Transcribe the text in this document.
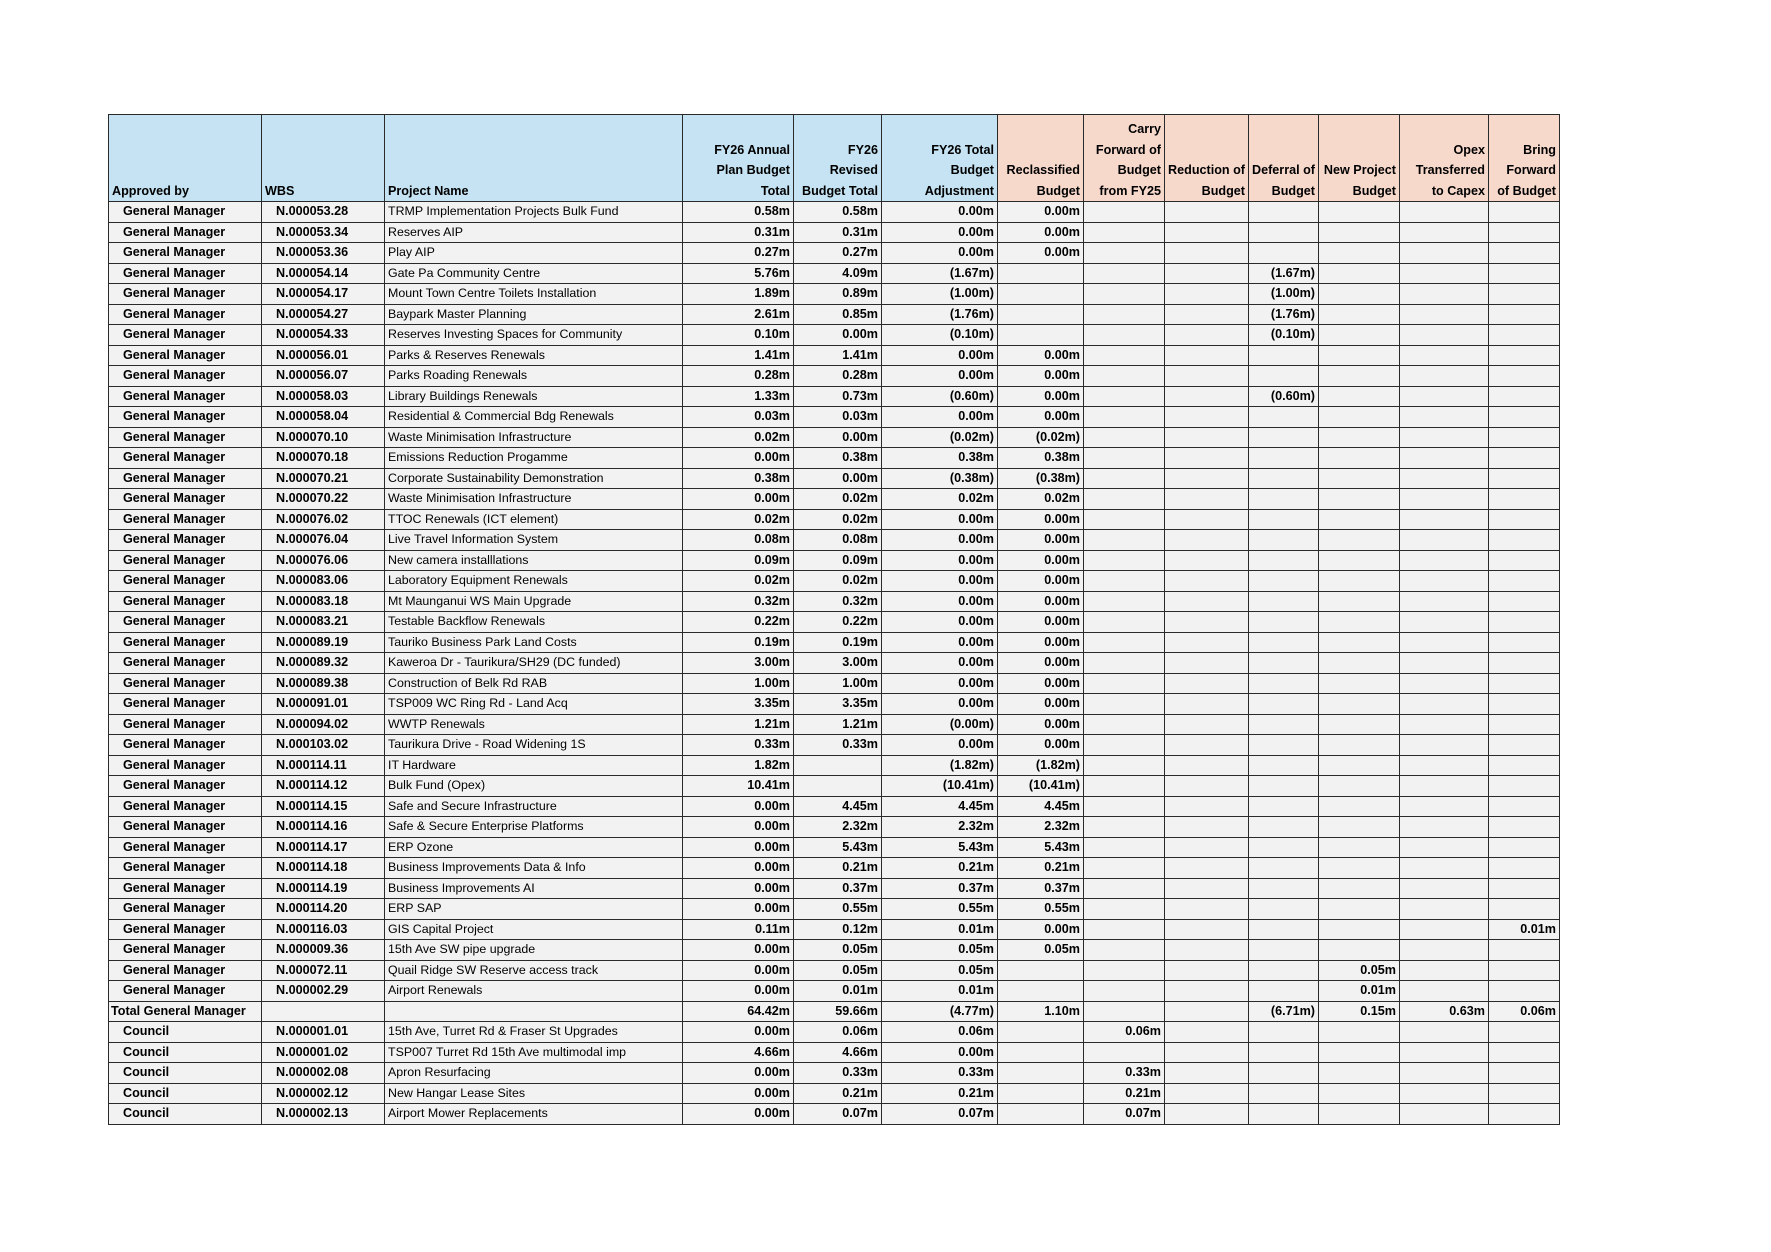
Approved by	WBS	Project Name	FY26 Annual Plan Budget Total	FY26 Revised Budget Total	FY26 Total Budget Adjustment	Reclassified Budget	Carry Forward of Budget from FY25	Reduction of Budget	Deferral of Budget	New Project Budget	Opex Transferred to Capex	Bring Forward of Budget

General Manager	N.000053.28	TRMP Implementation Projects Bulk Fund	0.58m	0.58m	0.00m	0.00m						
General Manager	N.000053.34	Reserves AIP	0.31m	0.31m	0.00m	0.00m						
General Manager	N.000053.36	Play AIP	0.27m	0.27m	0.00m	0.00m						
General Manager	N.000054.14	Gate Pa Community Centre	5.76m	4.09m	(1.67m)				(1.67m)			
General Manager	N.000054.17	Mount Town Centre Toilets Installation	1.89m	0.89m	(1.00m)				(1.00m)			
General Manager	N.000054.27	Baypark Master Planning	2.61m	0.85m	(1.76m)				(1.76m)			
General Manager	N.000054.33	Reserves Investing Spaces for Community	0.10m	0.00m	(0.10m)				(0.10m)			
General Manager	N.000056.01	Parks & Reserves Renewals	1.41m	1.41m	0.00m	0.00m						
General Manager	N.000056.07	Parks Roading Renewals	0.28m	0.28m	0.00m	0.00m						
General Manager	N.000058.03	Library Buildings Renewals	1.33m	0.73m	(0.60m)	0.00m			(0.60m)			
General Manager	N.000058.04	Residential & Commercial Bdg Renewals	0.03m	0.03m	0.00m	0.00m						
General Manager	N.000070.10	Waste Minimisation Infrastructure	0.02m	0.00m	(0.02m)	(0.02m)						
General Manager	N.000070.18	Emissions Reduction Progamme	0.00m	0.38m	0.38m	0.38m						
General Manager	N.000070.21	Corporate Sustainability Demonstration	0.38m	0.00m	(0.38m)	(0.38m)						
General Manager	N.000070.22	Waste Minimisation Infrastructure	0.00m	0.02m	0.02m	0.02m						
General Manager	N.000076.02	TTOC Renewals (ICT element)	0.02m	0.02m	0.00m	0.00m						
General Manager	N.000076.04	Live Travel Information System	0.08m	0.08m	0.00m	0.00m						
General Manager	N.000076.06	New camera installlations	0.09m	0.09m	0.00m	0.00m						
General Manager	N.000083.06	Laboratory Equipment Renewals	0.02m	0.02m	0.00m	0.00m						
General Manager	N.000083.18	Mt Maunganui WS Main Upgrade	0.32m	0.32m	0.00m	0.00m						
General Manager	N.000083.21	Testable Backflow Renewals	0.22m	0.22m	0.00m	0.00m						
General Manager	N.000089.19	Tauriko Business Park Land Costs	0.19m	0.19m	0.00m	0.00m						
General Manager	N.000089.32	Kaweroa Dr - Taurikura/SH29 (DC funded)	3.00m	3.00m	0.00m	0.00m						
General Manager	N.000089.38	Construction of Belk Rd RAB	1.00m	1.00m	0.00m	0.00m						
General Manager	N.000091.01	TSP009 WC Ring Rd - Land Acq	3.35m	3.35m	0.00m	0.00m						
General Manager	N.000094.02	WWTP Renewals	1.21m	1.21m	(0.00m)	0.00m						
General Manager	N.000103.02	Taurikura Drive - Road Widening 1S	0.33m	0.33m	0.00m	0.00m						
General Manager	N.000114.11	IT Hardware	1.82m		(1.82m)	(1.82m)						
General Manager	N.000114.12	Bulk Fund (Opex)	10.41m		(10.41m)	(10.41m)						
General Manager	N.000114.15	Safe and Secure Infrastructure	0.00m	4.45m	4.45m	4.45m						
General Manager	N.000114.16	Safe & Secure Enterprise Platforms	0.00m	2.32m	2.32m	2.32m						
General Manager	N.000114.17	ERP Ozone	0.00m	5.43m	5.43m	5.43m						
General Manager	N.000114.18	Business Improvements Data & Info	0.00m	0.21m	0.21m	0.21m						
General Manager	N.000114.19	Business Improvements AI	0.00m	0.37m	0.37m	0.37m						
General Manager	N.000114.20	ERP SAP	0.00m	0.55m	0.55m	0.55m						
General Manager	N.000116.03	GIS Capital Project	0.11m	0.12m	0.01m	0.00m						0.01m
General Manager	N.000009.36	15th Ave SW pipe upgrade	0.00m	0.05m	0.05m	0.05m						
General Manager	N.000072.11	Quail Ridge SW Reserve access track	0.00m	0.05m	0.05m					0.05m		
General Manager	N.000002.29	Airport Renewals	0.00m	0.01m	0.01m					0.01m		
Total General Manager			64.42m	59.66m	(4.77m)	1.10m			(6.71m)	0.15m	0.63m	0.06m
Council	N.000001.01	15th Ave, Turret Rd & Fraser St Upgrades	0.00m	0.06m	0.06m		0.06m					
Council	N.000001.02	TSP007 Turret Rd 15th Ave multimodal imp	4.66m	4.66m	0.00m							
Council	N.000002.08	Apron Resurfacing	0.00m	0.33m	0.33m		0.33m					
Council	N.000002.12	New Hangar Lease Sites	0.00m	0.21m	0.21m		0.21m					
Council	N.000002.13	Airport Mower Replacements	0.00m	0.07m	0.07m		0.07m					
